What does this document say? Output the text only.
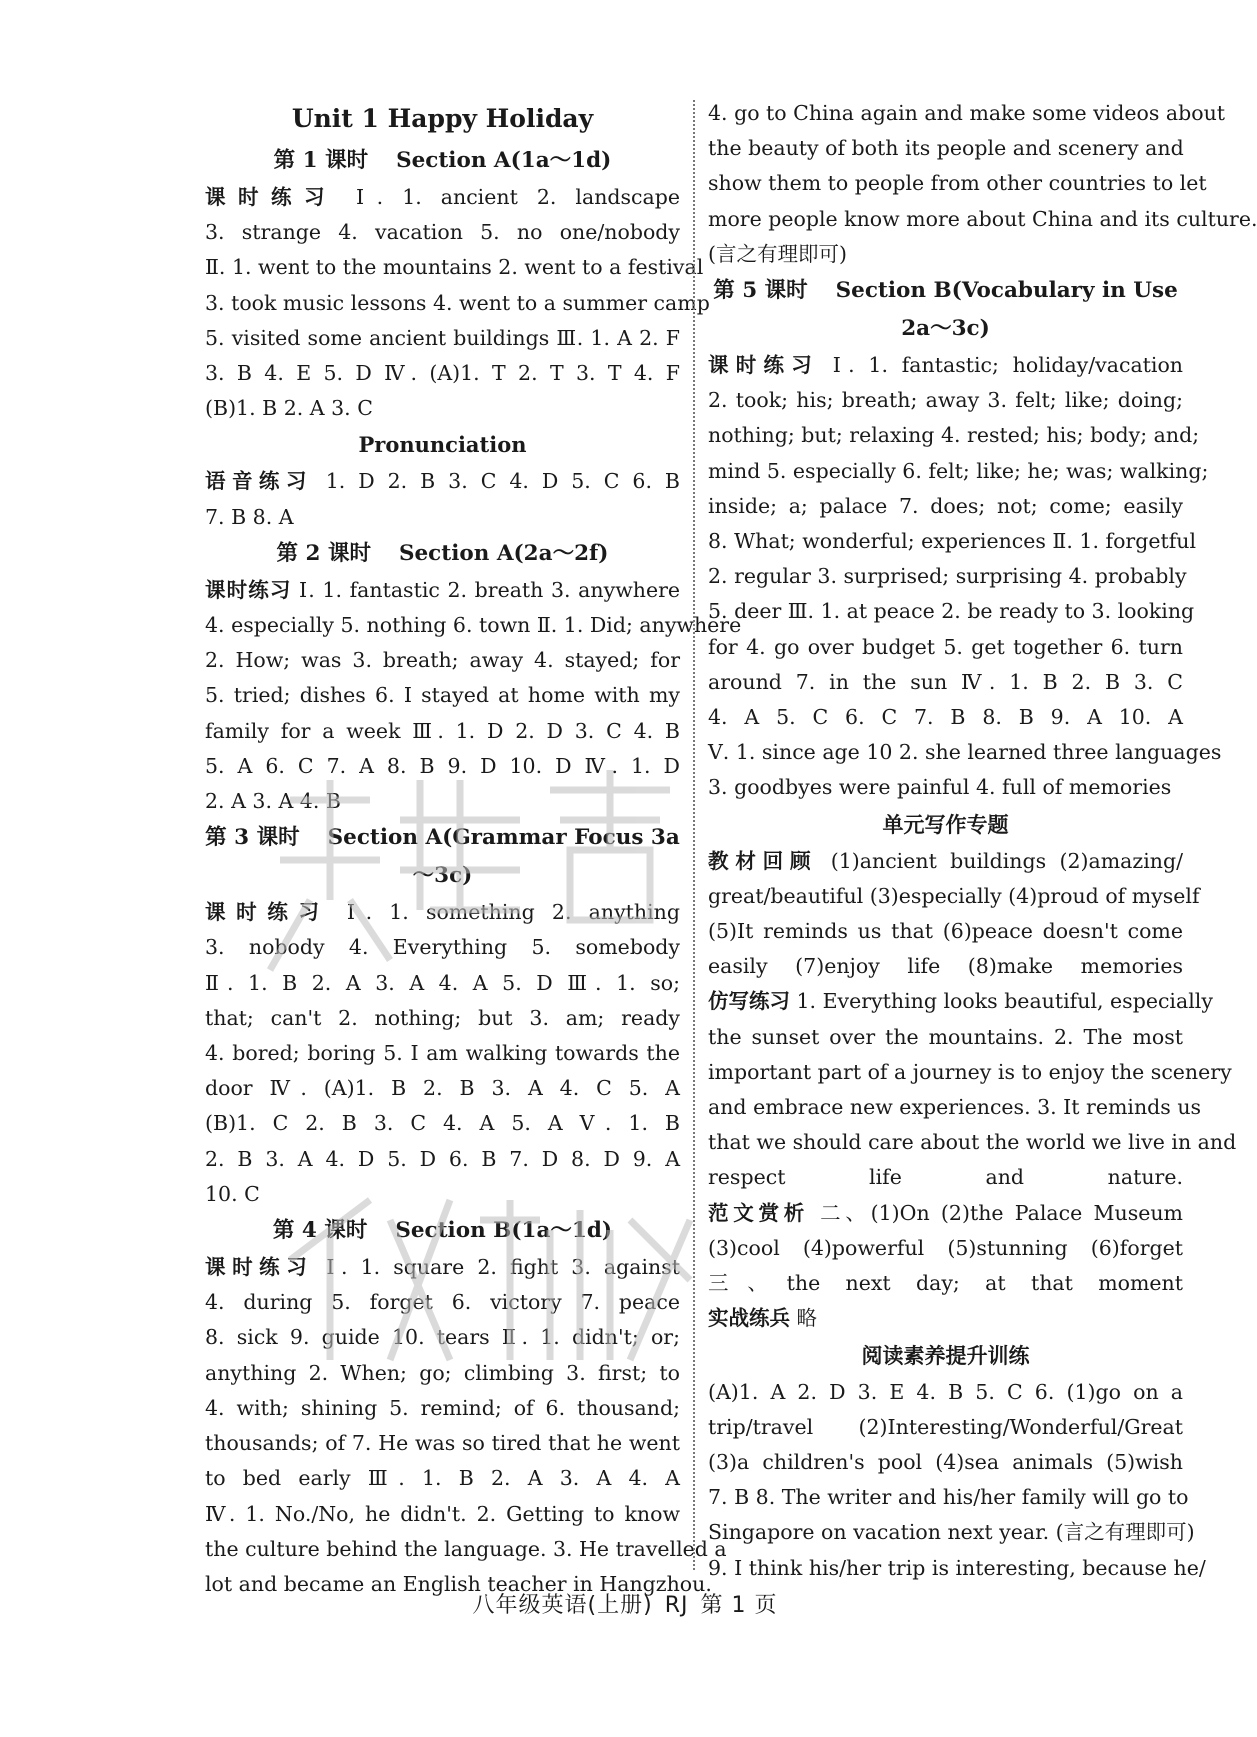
Unit 1 Happy Holiday
第 1 课时 Section A(1a～1d)
课时练习 Ⅰ. 1. ancient 2. landscape
3. strange 4. vacation 5. no one/nobody
Ⅱ. 1. went to the mountains 2. went to a festival
3. took music lessons 4. went to a summer camp
5. visited some ancient buildings Ⅲ. 1. A 2. F
3. B 4. E 5. D Ⅳ. (A)1. T 2. T 3. T 4. F
(B)1. B 2. A 3. C
Pronunciation
语音练习 1. D 2. B 3. C 4. D 5. C 6. B
7. B 8. A
第 2 课时 Section A(2a～2f)
课时练习 Ⅰ. 1. fantastic 2. breath 3. anywhere
4. especially 5. nothing 6. town Ⅱ. 1. Did; anywhere
2. How; was 3. breath; away 4. stayed; for
5. tried; dishes 6. I stayed at home with my
family for a week Ⅲ. 1. D 2. D 3. C 4. B
5. A 6. C 7. A 8. B 9. D 10. D Ⅳ. 1. D
2. A 3. A 4. B
第 3 课时 Section A(Grammar Focus 3a～3c)
课时练习 Ⅰ. 1. something 2. anything
3. nobody 4. Everything 5. somebody
Ⅱ. 1. B 2. A 3. A 4. A 5. D Ⅲ. 1. so;
that; can't 2. nothing; but 3. am; ready
4. bored; boring 5. I am walking towards the
door Ⅳ. (A)1. B 2. B 3. A 4. C 5. A
(B)1. C 2. B 3. C 4. A 5. A Ⅴ. 1. B
2. B 3. A 4. D 5. D 6. B 7. D 8. D 9. A
10. C
第 4 课时 Section B(1a～1d)
课时练习 Ⅰ. 1. square 2. fight 3. against
4. during 5. forget 6. victory 7. peace
8. sick 9. guide 10. tears Ⅱ. 1. didn't; or;
anything 2. When; go; climbing 3. first; to
4. with; shining 5. remind; of 6. thousand;
thousands; of 7. He was so tired that he went
to bed early Ⅲ. 1. B 2. A 3. A 4. A
Ⅳ. 1. No./No, he didn't. 2. Getting to know
the culture behind the language. 3. He travelled a
lot and became an English teacher in Hangzhou.
4. go to China again and make some videos about
the beauty of both its people and scenery and
show them to people from other countries to let
more people know more about China and its culture.
(言之有理即可)
第 5 课时 Section B(Vocabulary in Use 2a～3c)
课时练习 Ⅰ. 1. fantastic; holiday/vacation
2. took; his; breath; away 3. felt; like; doing;
nothing; but; relaxing 4. rested; his; body; and;
mind 5. especially 6. felt; like; he; was; walking;
inside; a; palace 7. does; not; come; easily
8. What; wonderful; experiences Ⅱ. 1. forgetful
2. regular 3. surprised; surprising 4. probably
5. deer Ⅲ. 1. at peace 2. be ready to 3. looking
for 4. go over budget 5. get together 6. turn
around 7. in the sun Ⅳ. 1. B 2. B 3. C
4. A 5. C 6. C 7. B 8. B 9. A 10. A
Ⅴ. 1. since age 10 2. she learned three languages
3. goodbyes were painful 4. full of memories
单元写作专题
教材回顾 (1)ancient buildings (2)amazing/
great/beautiful (3)especially (4)proud of myself
(5)It reminds us that (6)peace doesn't come
easily (7)enjoy life (8)make memories
仿写练习 1. Everything looks beautiful, especially
the sunset over the mountains. 2. The most
important part of a journey is to enjoy the scenery
and embrace new experiences. 3. It reminds us
that we should care about the world we live in and
respect life and nature.
范文赏析 二、(1)On (2)the Palace Museum
(3)cool (4)powerful (5)stunning (6)forget
三、the next day; at that moment
实战练兵 略
阅读素养提升训练
(A)1. A 2. D 3. E 4. B 5. C 6. (1)go on a
trip/travel (2)Interesting/Wonderful/Great
(3)a children's pool (4)sea animals (5)wish
7. B 8. The writer and his/her family will go to
Singapore on vacation next year. (言之有理即可)
9. I think his/her trip is interesting, because he/
八年级英语(上册) RJ 第 1 页
